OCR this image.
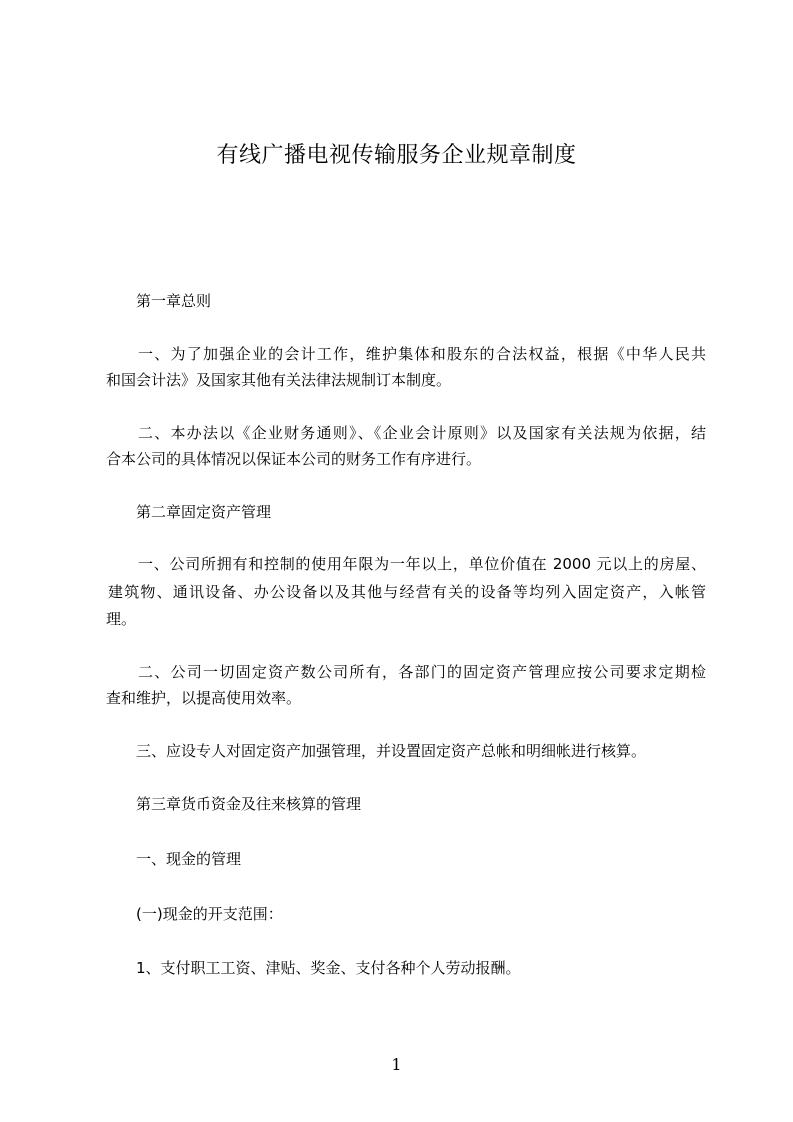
有线广播电视传输服务企业规章制度
第一章总则
一、为了加强企业的会计工作，维护集体和股东的合法权益，根据《中华人民共
和国会计法》及国家其他有关法律法规制订本制度。
二、本办法以《企业财务通则》、《企业会计原则》以及国家有关法规为依据，结
合本公司的具体情况以保证本公司的财务工作有序进行。
第二章固定资产管理
一、公司所拥有和控制的使用年限为一年以上，单位价值在 2000 元以上的房屋、
建筑物、通讯设备、办公设备以及其他与经营有关的设备等均列入固定资产，入帐管
理。
二、公司一切固定资产数公司所有，各部门的固定资产管理应按公司要求定期检
查和维护，以提高使用效率。
三、应设专人对固定资产加强管理，并设置固定资产总帐和明细帐进行核算。
第三章货币资金及往来核算的管理
一、现金的管理
(一)现金的开支范围：
1、支付职工工资、津贴、奖金、支付各种个人劳动报酬。
1
